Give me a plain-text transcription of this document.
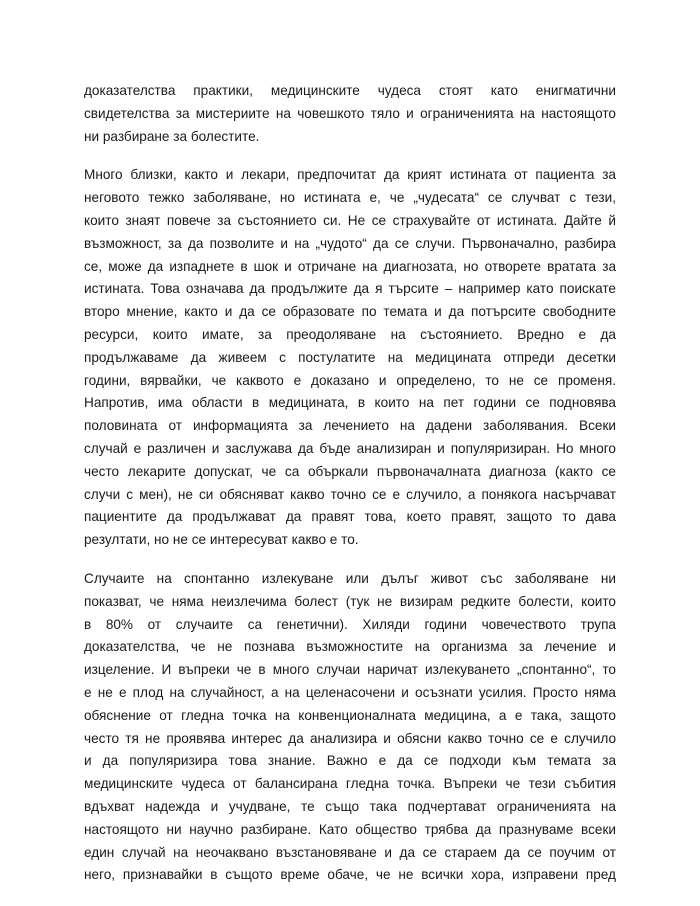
доказателства практики, медицинските чудеса стоят като енигматични
свидетелства за мистериите на човешкото тяло и ограниченията на настоящото
ни разбиране за болестите.
Много близки, както и лекари, предпочитат да крият истината от пациента за
неговото тежко заболяване, но истината е, че „чудесата“ се случват с тези,
които знаят повече за състоянието си. Не се страхувайте от истината. Дайте й
възможност, за да позволите и на „чудото“ да се случи. Първоначално, разбира
се, може да изпаднете в шок и отричане на диагнозата, но отворете вратата за
истината. Това означава да продължите да я търсите – например като поискате
второ мнение, както и да се образовате по темата и да потърсите свободните
ресурси, които имате, за преодоляване на състоянието. Вредно е да
продължаваме да живеем с постулатите на медицината отпреди десетки
години, вярвайки, че каквото е доказано и определено, то не се променя.
Напротив, има области в медицината, в които на пет години се подновява
половината от информацията за лечението на дадени заболявания. Всеки
случай е различен и заслужава да бъде анализиран и популяризиран. Но много
често лекарите допускат, че са объркали първоначалната диагноза (както се
случи с мен), не си обясняват какво точно се е случило, а понякога насърчават
пациентите да продължават да правят това, което правят, защото то дава
резултати, но не се интересуват какво е то.
Случаите на спонтанно излекуване или дълъг живот със заболяване ни
показват, че няма неизлечима болест (тук не визирам редките болести, които
в 80% от случаите са генетични). Хиляди години човечеството трупа
доказателства, че не познава възможностите на организма за лечение и
изцеление. И въпреки че в много случаи наричат излекуването „спонтанно“, то
е не е плод на случайност, а на целенасочени и осъзнати усилия. Просто няма
обяснение от гледна точка на конвенционалната медицина, а е така, защото
често тя не проявява интерес да анализира и обясни какво точно се е случило
и да популяризира това знание. Важно е да се подходи към темата за
медицинските чудеса от балансирана гледна точка. Въпреки че тези събития
вдъхват надежда и учудване, те също така подчертават ограниченията на
настоящото ни научно разбиране. Като общество трябва да празнуваме всеки
един случай на неочаквано възстановяване и да се стараем да се поучим от
него, признавайки в същото време обаче, че не всички хора, изправени пред
